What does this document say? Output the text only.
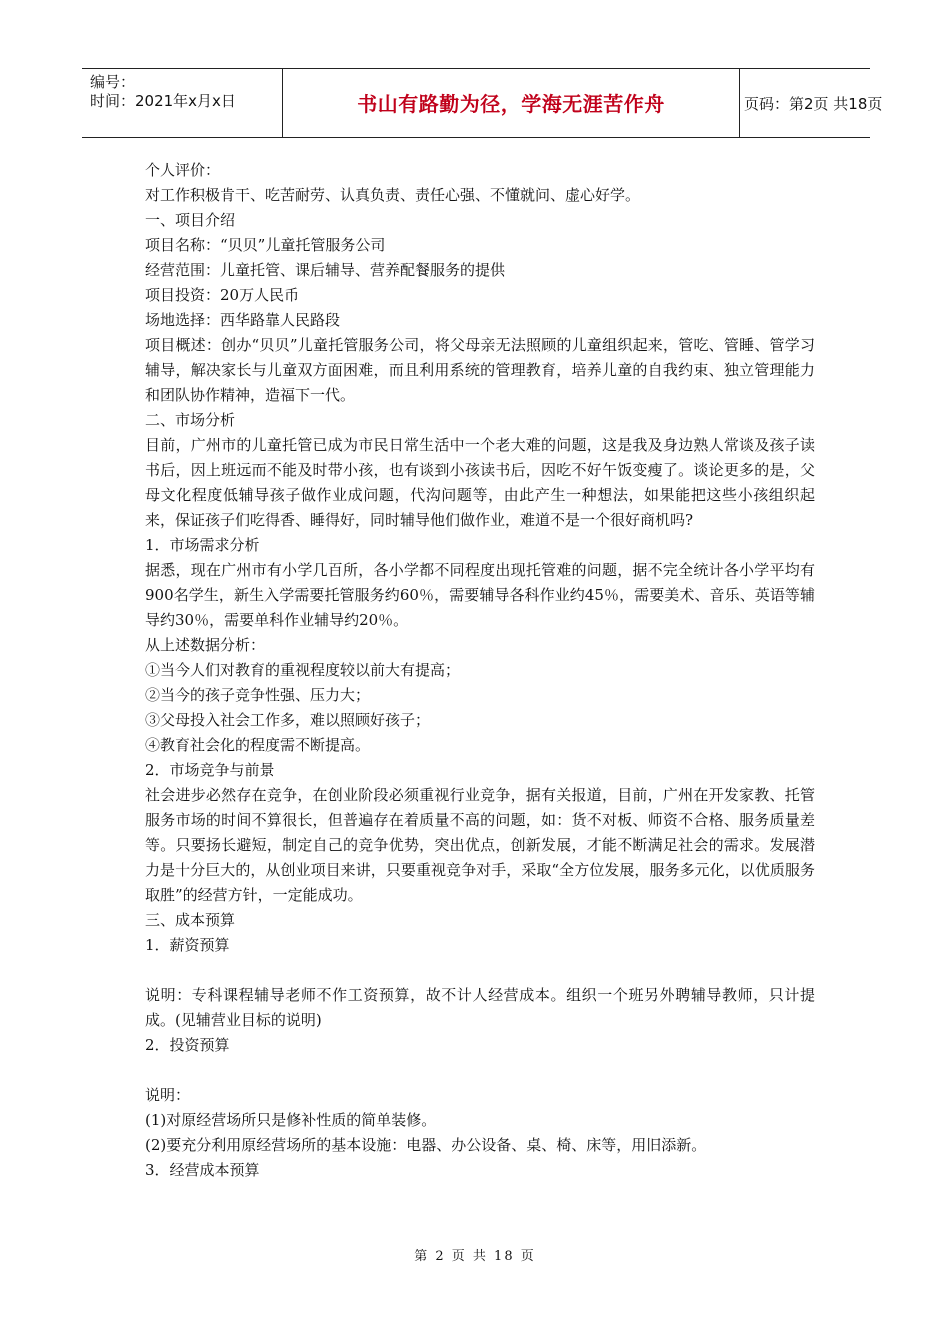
编号：
时间：2021年x月x日	书山有路勤为径，学海无涯苦作舟	页码：第2页 共18页

个人评价：

对工作积极肯干、吃苦耐劳、认真负责、责任心强、不懂就问、虚心好学。

一、项目介绍

项目名称：“贝贝”儿童托管服务公司

经营范围：儿童托管、课后辅导、营养配餐服务的提供

项目投资：20万人民币

场地选择：西华路靠人民路段

项目概述：创办“贝贝”儿童托管服务公司，将父母亲无法照顾的儿童组织起来，管吃、管睡、管学习辅导，解决家长与儿童双方面困难，而且利用系统的管理教育，培养儿童的自我约束、独立管理能力和团队协作精神，造福下一代。

二、市场分析

目前，广州市的儿童托管已成为市民日常生活中一个老大难的问题，这是我及身边熟人常谈及孩子读书后，因上班远而不能及时带小孩，也有谈到小孩读书后，因吃不好午饭变瘦了。谈论更多的是，父母文化程度低辅导孩子做作业成问题，代沟问题等，由此产生一种想法，如果能把这些小孩组织起来，保证孩子们吃得香、睡得好，同时辅导他们做作业，难道不是一个很好商机吗?

1．市场需求分析

据悉，现在广州市有小学几百所，各小学都不同程度出现托管难的问题，据不完全统计各小学平均有900名学生，新生入学需要托管服务约60％，需要辅导各科作业约45％，需要美术、音乐、英语等辅导约30％，需要单科作业辅导约20％。

从上述数据分析：

①当今人们对教育的重视程度较以前大有提高；

②当今的孩子竞争性强、压力大；

③父母投入社会工作多，难以照顾好孩子；

④教育社会化的程度需不断提高。

2．市场竞争与前景

社会进步必然存在竞争，在创业阶段必须重视行业竞争，据有关报道，目前，广州在开发家教、托管服务市场的时间不算很长，但普遍存在着质量不高的问题，如：货不对板、师资不合格、服务质量差等。只要扬长避短，制定自己的竞争优势，突出优点，创新发展，才能不断满足社会的需求。发展潜力是十分巨大的，从创业项目来讲，只要重视竞争对手，采取“全方位发展，服务多元化，以优质服务取胜”的经营方针，一定能成功。

三、成本预算

1．薪资预算

说明：专科课程辅导老师不作工资预算，故不计人经营成本。组织一个班另外聘辅导教师，只计提成。(见辅营业目标的说明)

2．投资预算

说明：

(1)对原经营场所只是修补性质的简单装修。

(2)要充分利用原经营场所的基本设施：电器、办公设备、桌、椅、床等，用旧添新。

3．经营成本预算

第 2 页 共 18 页
